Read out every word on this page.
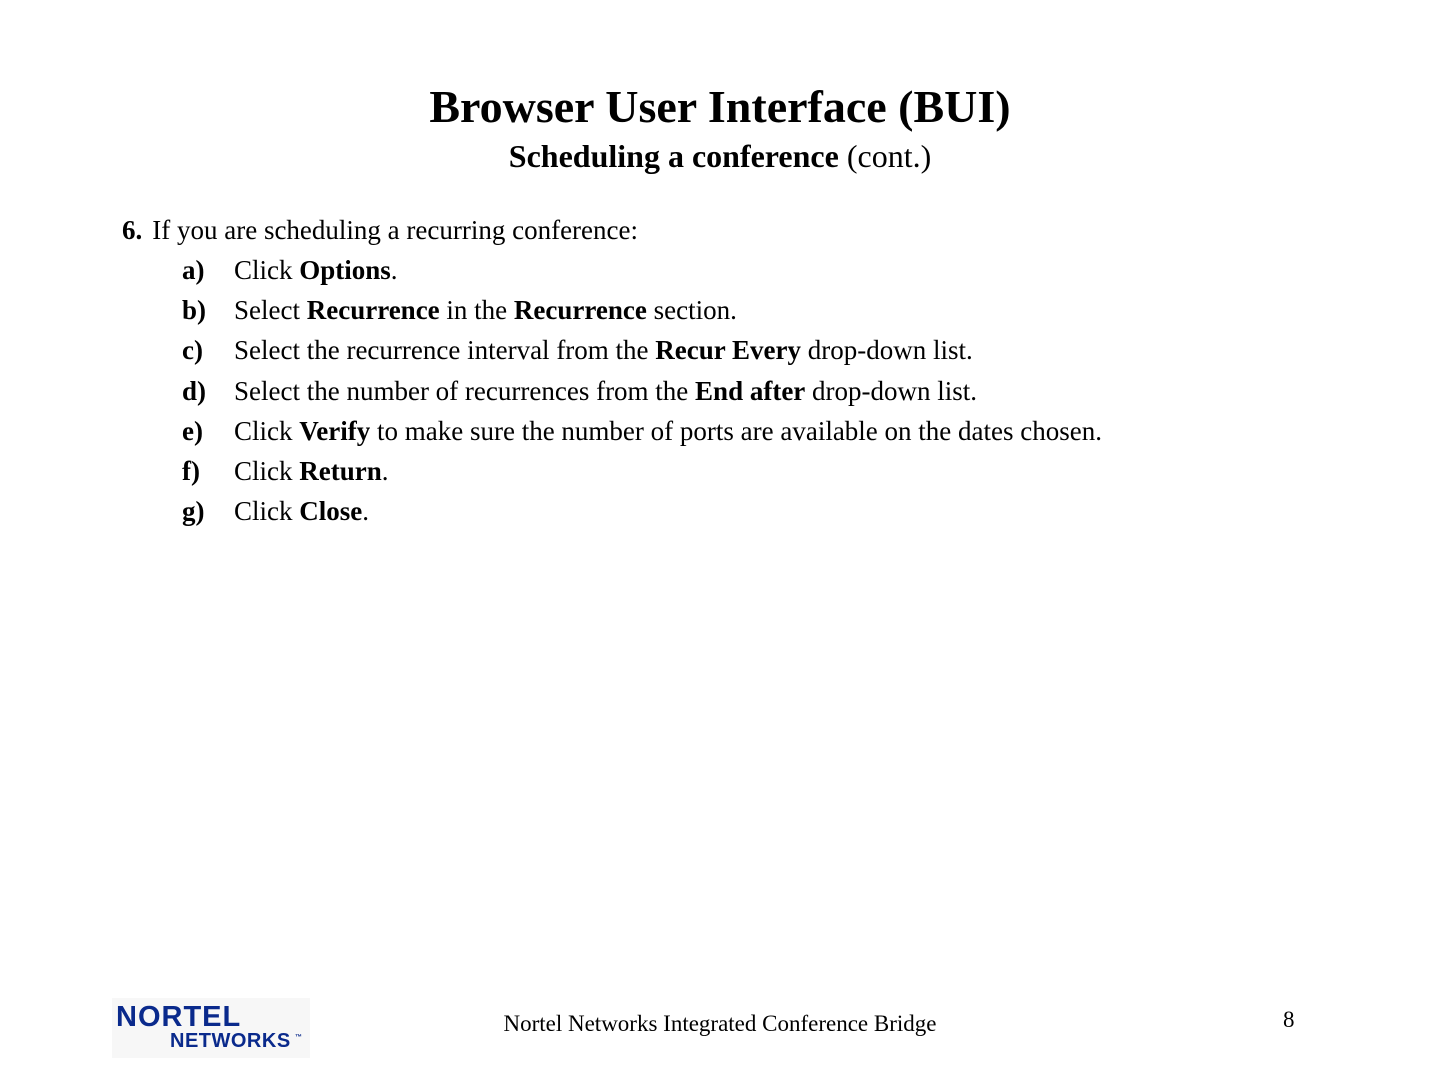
Browser User Interface (BUI)
Scheduling a conference (cont.)
6. If you are scheduling a recurring conference:
a) Click Options.
b) Select Recurrence in the Recurrence section.
c) Select the recurrence interval from the Recur Every drop-down list.
d) Select the number of recurrences from the End after drop-down list.
e) Click Verify to make sure the number of ports are available on the dates chosen.
f) Click Return.
g) Click Close.
NORTEL
NETWORKS ™
Nortel Networks Integrated Conference Bridge	8
